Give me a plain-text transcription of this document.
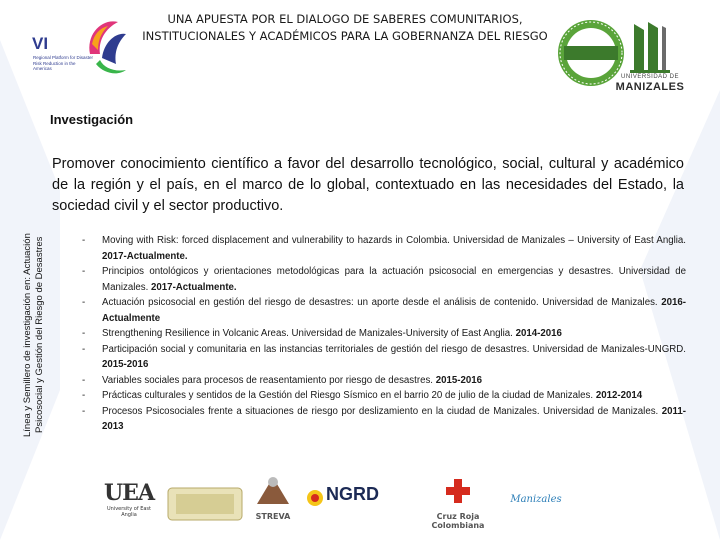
UNA APUESTA POR EL DIALOGO DE SABERES COMUNITARIOS,
INSTITUCIONALES Y ACADÉMICOS PARA LA GOBERNANZA DEL RIESGO
VI
Regional Platform for Disaster Risk Reduction in the Americas
UNIVERSIDAD DE
MANIZALES
Investigación
Promover conocimiento científico a favor del desarrollo tecnológico, social, cultural y académico de la región y el país, en el marco de lo global, contextuado en las necesidades del Estado, la sociedad civil y el sector productivo.
Línea y Semillero de investigación en: Actuación Psicosocial y Gestión del Riesgo de Desastres	-	Moving with Risk: forced displacement and vulnerability to hazards in Colombia. Universidad de Manizales – University of East Anglia. 2017-Actualmente.
-	Principios ontológicos y orientaciones metodológicas para la actuación psicosocial en emergencias y desastres. Universidad de Manizales. 2017-Actualmente.
-	Actuación psicosocial en gestión del riesgo de desastres: un aporte desde el análisis de contenido. Universidad de Manizales. 2016-Actualmente
-	Strengthening Resilience in Volcanic Areas. Universidad de Manizales-University of East Anglia. 2014-2016
-	Participación social y comunitaria en las instancias territoriales de gestión del riesgo de desastres. Universidad de Manizales-UNGRD. 2015-2016
-	Variables sociales para procesos de reasentamiento por riesgo de desastres. 2015-2016
-	Prácticas culturales y sentidos de la Gestión del Riesgo Sísmico en el barrio 20 de julio de la ciudad de Manizales. 2012-2014
-	Procesos Psicosociales frente a situaciones de riesgo por deslizamiento en la ciudad de Manizales. Universidad de Manizales. 2011-2013
UEA
University of East Anglia	STREVA
NGRD
Cruz Roja Colombiana
Manizales
